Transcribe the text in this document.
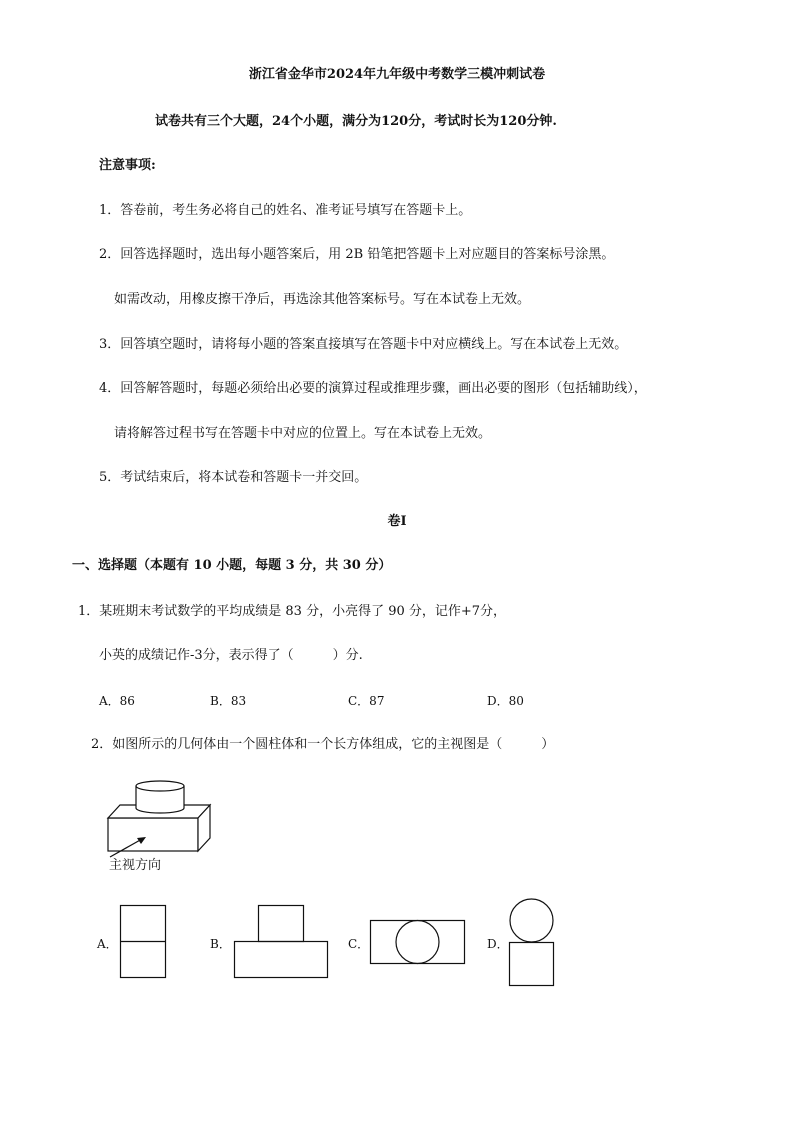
浙江省金华市2024年九年级中考数学三模冲刺试卷
试卷共有三个大题，24个小题，满分为120分，考试时长为120分钟.
注意事项:
1．答卷前，考生务必将自己的姓名、准考证号填写在答题卡上。
2．回答选择题时，选出每小题答案后，用 2B 铅笔把答题卡上对应题目的答案标号涂黑。
如需改动，用橡皮擦干净后，再选涂其他答案标号。写在本试卷上无效。
3．回答填空题时，请将每小题的答案直接填写在答题卡中对应横线上。写在本试卷上无效。
4．回答解答题时，每题必须给出必要的演算过程或推理步骤，画出必要的图形（包括辅助线），
请将解答过程书写在答题卡中对应的位置上。写在本试卷上无效。
5．考试结束后，将本试卷和答题卡一并交回。
卷Ⅰ
一、选择题（本题有 10 小题，每题 3 分，共 30 分）
1．某班期末考试数学的平均成绩是 83 分，小亮得了 90 分，记作+7分，
小英的成绩记作-3分，表示得了（　　　）分.
A．86	B．83	C．87	D．80
2．如图所示的几何体由一个圆柱体和一个长方体组成，它的主视图是（　　　）
主视方向
A．	B．	C．	D．
